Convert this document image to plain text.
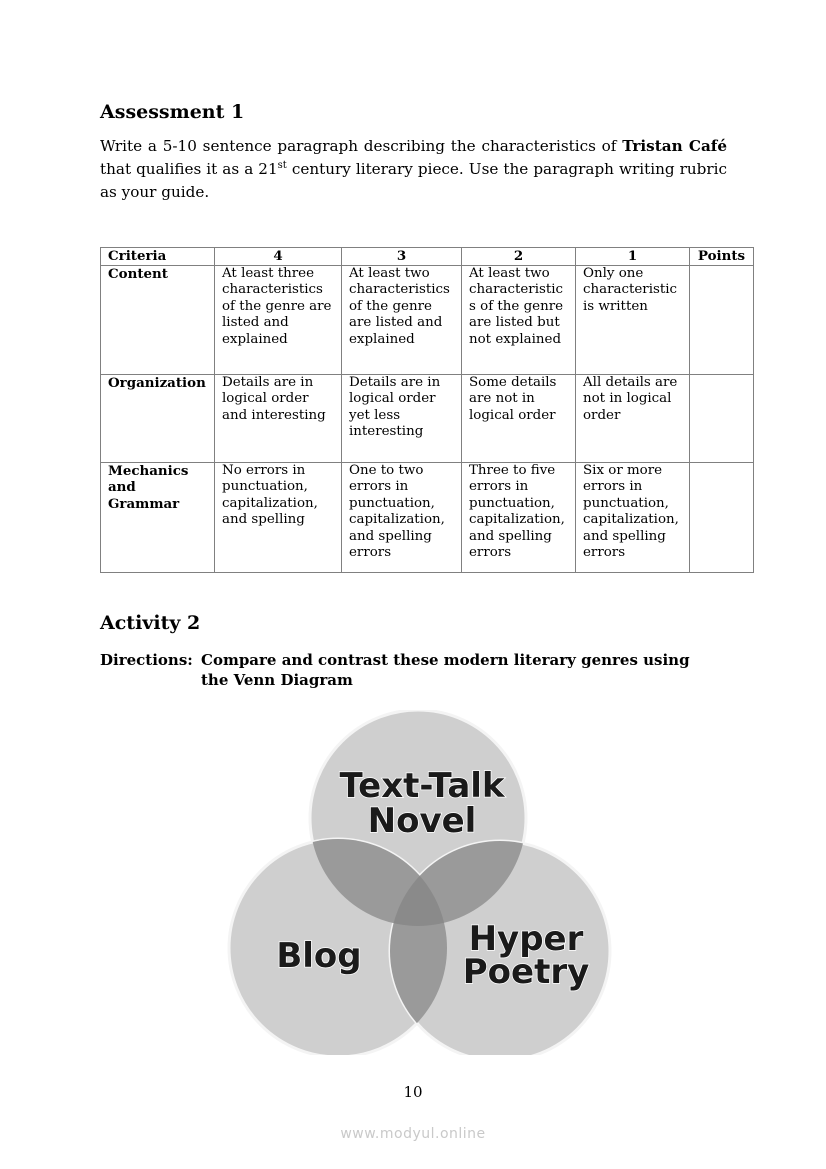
Assessment 1

Write a 5-10 sentence paragraph describing the characteristics of Tristan Café that qualifies it as a 21st century literary piece. Use the paragraph writing rubric as your guide.

Criteria	4	3	2	1	Points
Content	At least three characteristics of the genre are listed and explained	At least two characteristics of the genre are listed and explained	At least two characteristic s of the genre are listed but not explained	Only one characteristic is written	
Organization	Details are in logical order and interesting	Details are in logical order yet less interesting	Some details are not in logical order	All details are not in logical order	
Mechanics and Grammar	No errors in punctuation, capitalization, and spelling	One to two errors in punctuation, capitalization, and spelling errors	Three to five errors in punctuation, capitalization, and spelling errors	Six or more errors in punctuation, capitalization, and spelling errors	
Activity 2
Directions: Compare and contrast these modern literary genres using
the Venn Diagram
Text-Talk
Novel
Blog	Hyper
Poetry
10
www.modyul.online
